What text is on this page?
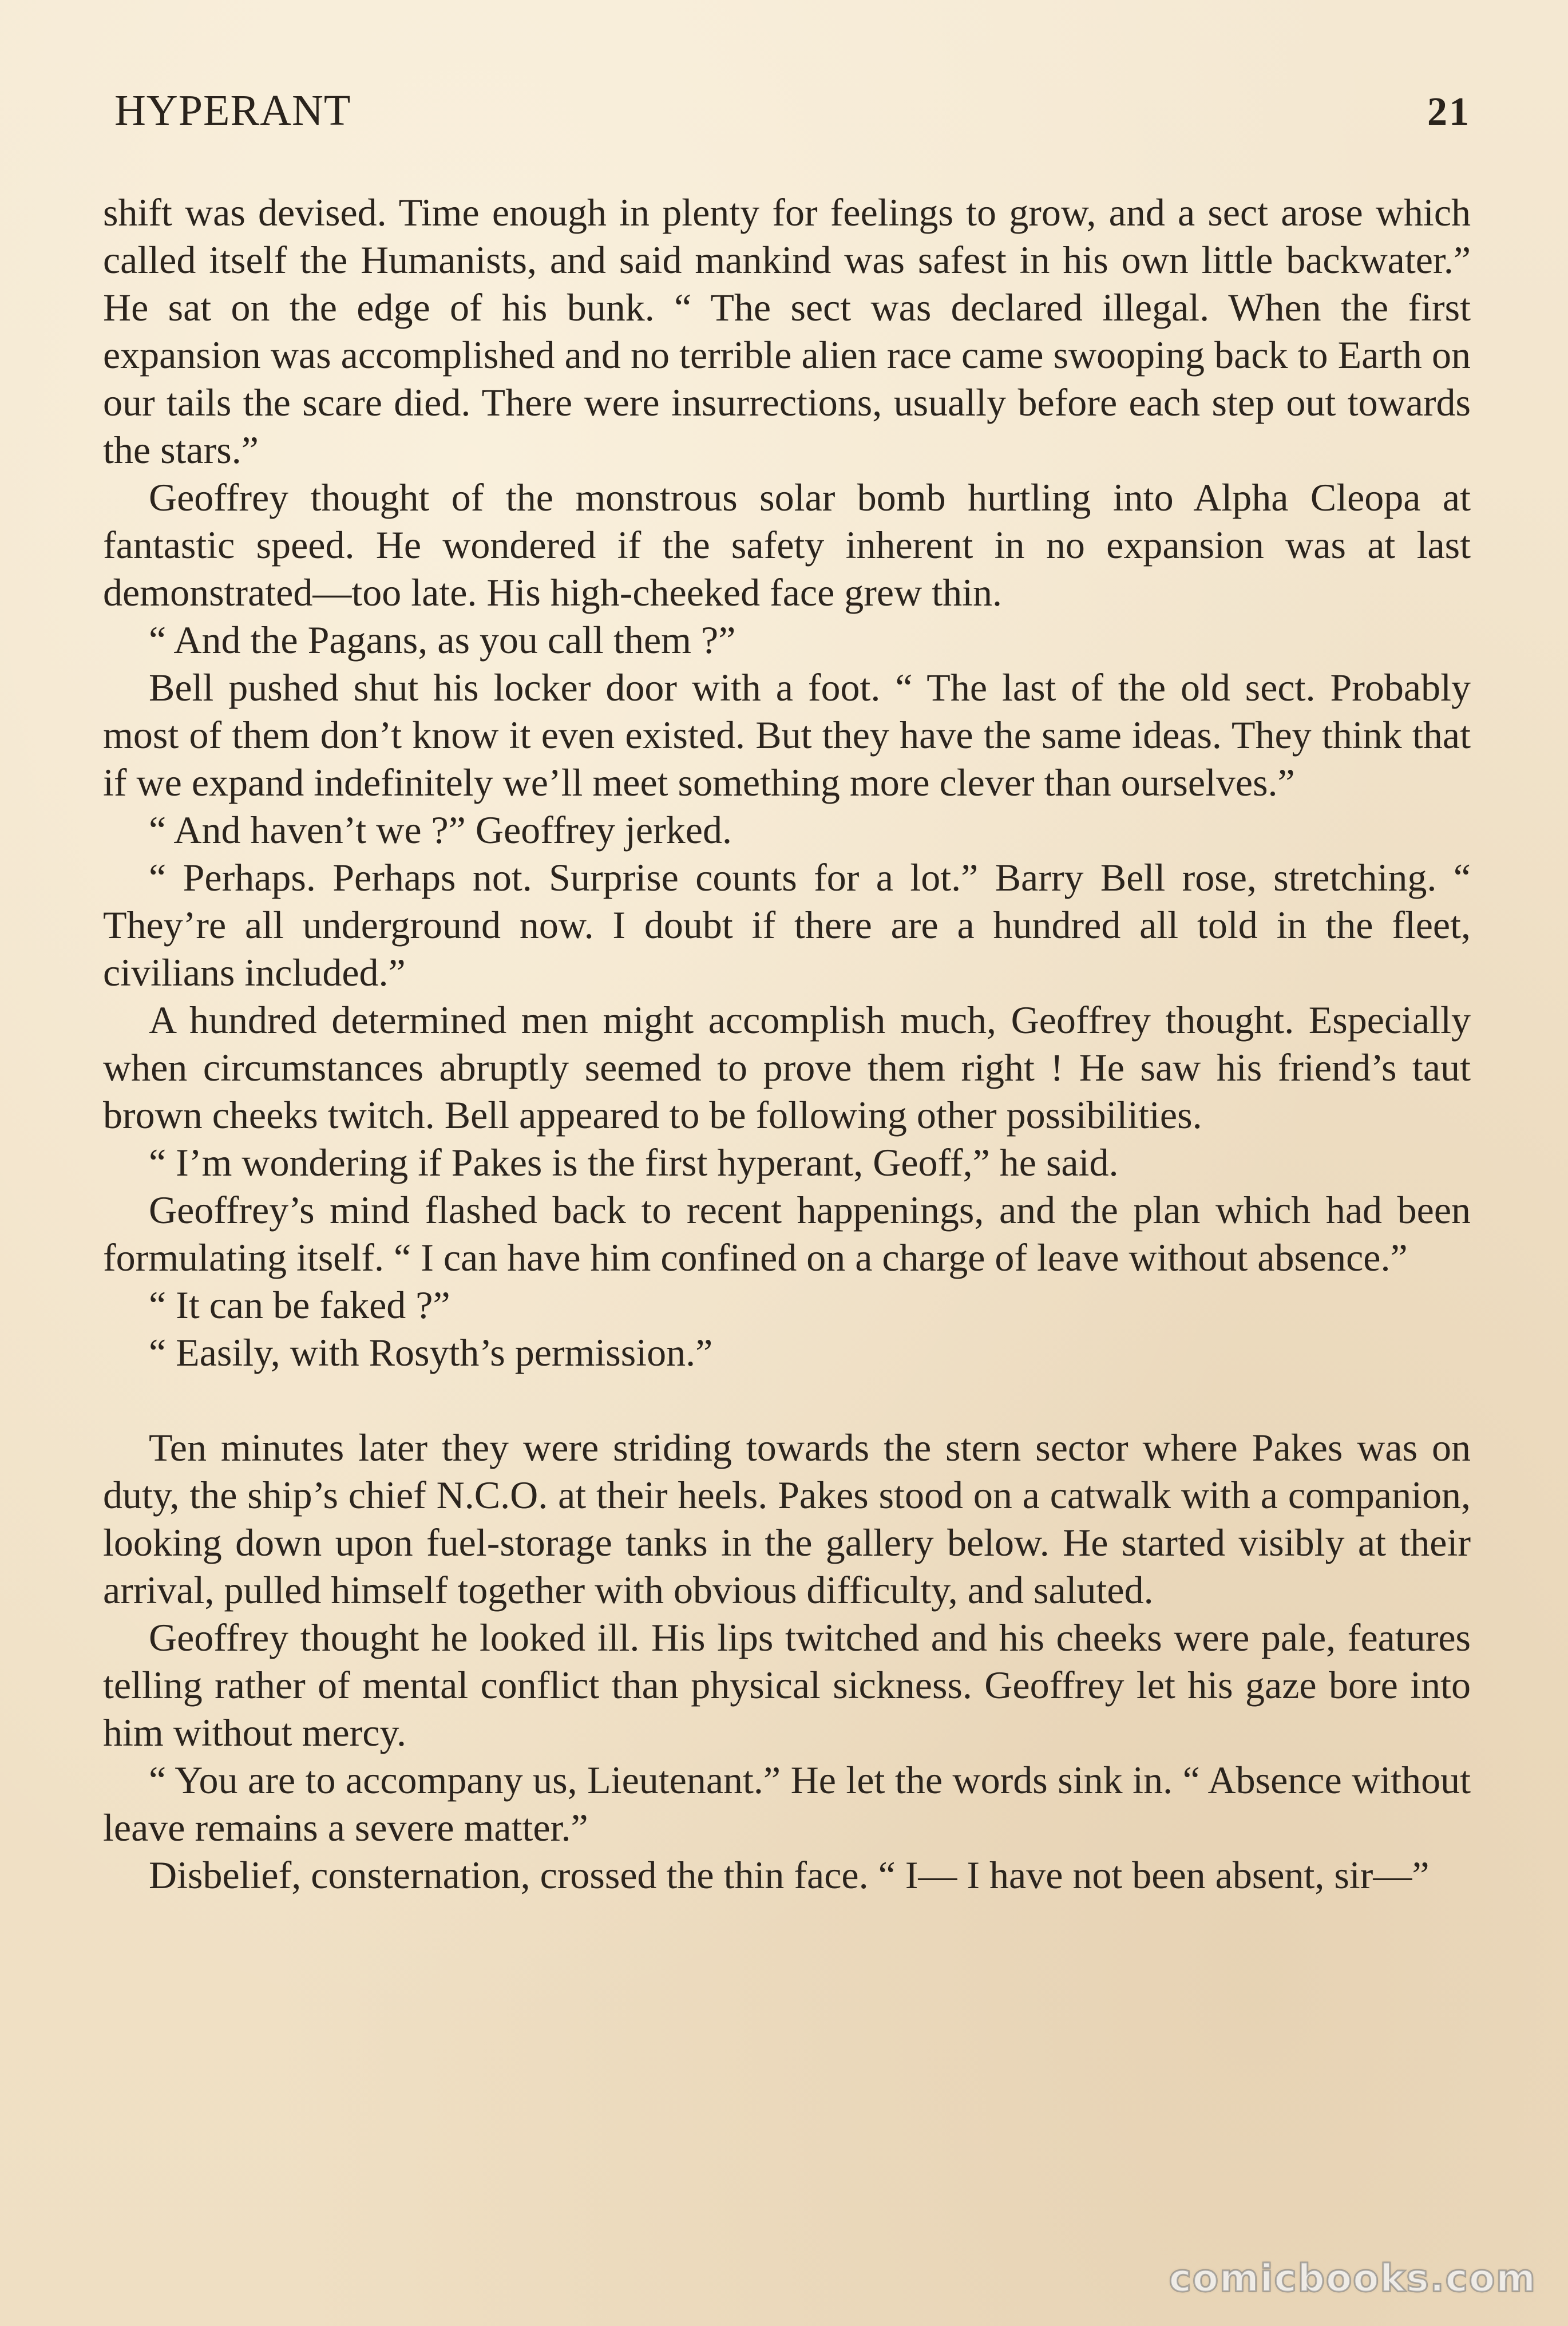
HYPERANT	21

shift was devised. Time enough in plenty for feelings to grow, and a sect arose which called itself the Humanists, and said mankind was safest in his own little backwater.” He sat on the edge of his bunk. “ The sect was declared illegal. When the first expansion was accomplished and no terrible alien race came swooping back to Earth on our tails the scare died. There were insurrections, usually before each step out towards the stars.”

Geoffrey thought of the monstrous solar bomb hurtling into Alpha Cleopa at fantastic speed. He wondered if the safety inherent in no expansion was at last demonstrated—too late. His high-cheeked face grew thin.

“ And the Pagans, as you call them ?”

Bell pushed shut his locker door with a foot. “ The last of the old sect. Probably most of them don’t know it even existed. But they have the same ideas. They think that if we expand indefinitely we’ll meet something more clever than ourselves.”

“ And haven’t we ?” Geoffrey jerked.

“ Perhaps. Perhaps not. Surprise counts for a lot.” Barry Bell rose, stretching. “ They’re all underground now. I doubt if there are a hundred all told in the fleet, civilians included.”

A hundred determined men might accomplish much, Geoffrey thought. Especially when circumstances abruptly seemed to prove them right ! He saw his friend’s taut brown cheeks twitch. Bell appeared to be following other possibilities.

“ I’m wondering if Pakes is the first hyperant, Geoff,” he said.

Geoffrey’s mind flashed back to recent happenings, and the plan which had been formulating itself. “ I can have him confined on a charge of leave without absence.”

“ It can be faked ?”

“ Easily, with Rosyth’s permission.”

Ten minutes later they were striding towards the stern sector where Pakes was on duty, the ship’s chief N.C.O. at their heels. Pakes stood on a catwalk with a companion, looking down upon fuel-storage tanks in the gallery below. He started visibly at their arrival, pulled himself together with obvious difficulty, and saluted.

Geoffrey thought he looked ill. His lips twitched and his cheeks were pale, features telling rather of mental conflict than physical sickness. Geoffrey let his gaze bore into him without mercy.

“ You are to accompany us, Lieutenant.” He let the words sink in. “ Absence without leave remains a severe matter.”

Disbelief, consternation, crossed the thin face. “ I— I have not been absent, sir—”

comicbooks.com
